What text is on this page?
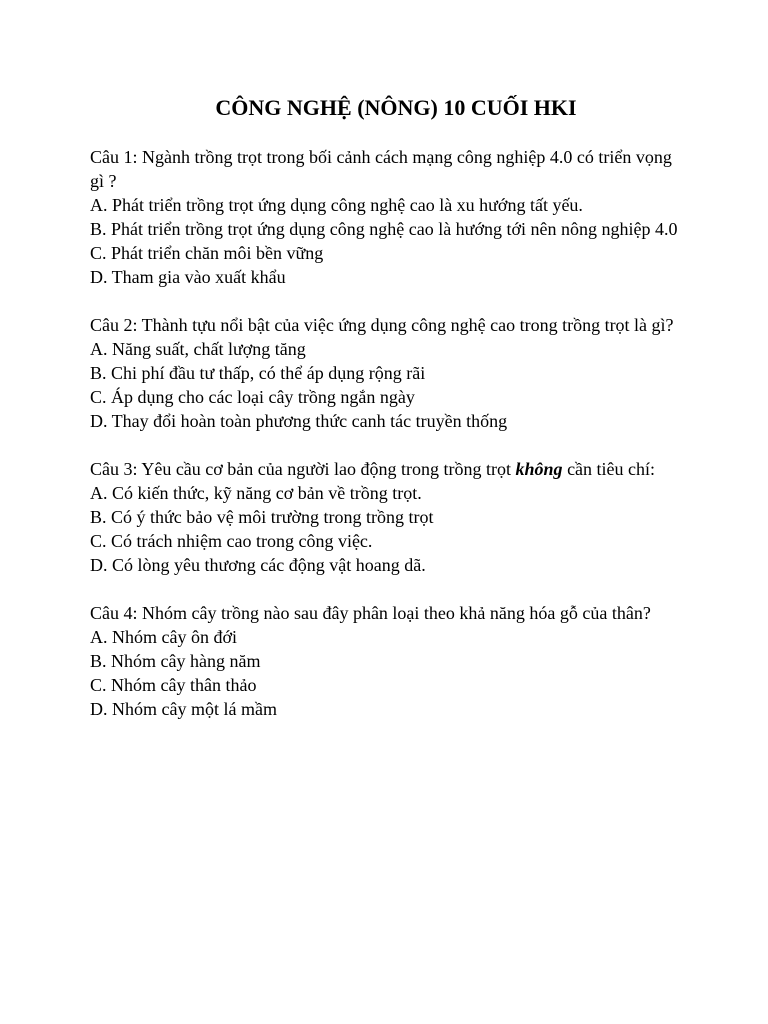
CÔNG NGHỆ (NÔNG) 10 CUỐI HKI

Câu 1: Ngành trồng trọt trong bối cảnh cách mạng công nghiệp 4.0 có triển vọng gì ?

A. Phát triển trồng trọt ứng dụng công nghệ cao là xu hướng tất yếu.

B. Phát triển trồng trọt ứng dụng công nghệ cao là hướng tới nên nông nghiệp 4.0

C. Phát triển chăn môi bền vững

D. Tham gia vào xuất khẩu

Câu 2: Thành tựu nổi bật của việc ứng dụng công nghệ cao trong trồng trọt là gì?

A. Năng suất, chất lượng tăng

B. Chi phí đầu tư thấp, có thể áp dụng rộng rãi

C. Áp dụng cho các loại cây trồng ngắn ngày

D. Thay đổi hoàn toàn phương thức canh tác truyền thống

Câu 3: Yêu cầu cơ bản của người lao động trong trồng trọt không cần tiêu chí:

A. Có kiến thức, kỹ năng cơ bản về trồng trọt.

B. Có ý thức bảo vệ môi trường trong trồng trọt

C. Có trách nhiệm cao trong công việc.

D. Có lòng yêu thương các động vật hoang dã.

Câu 4: Nhóm cây trồng nào sau đây phân loại theo khả năng hóa gỗ của thân?

A. Nhóm cây ôn đới

B. Nhóm cây hàng năm

C. Nhóm cây thân thảo

D. Nhóm cây một lá mầm
